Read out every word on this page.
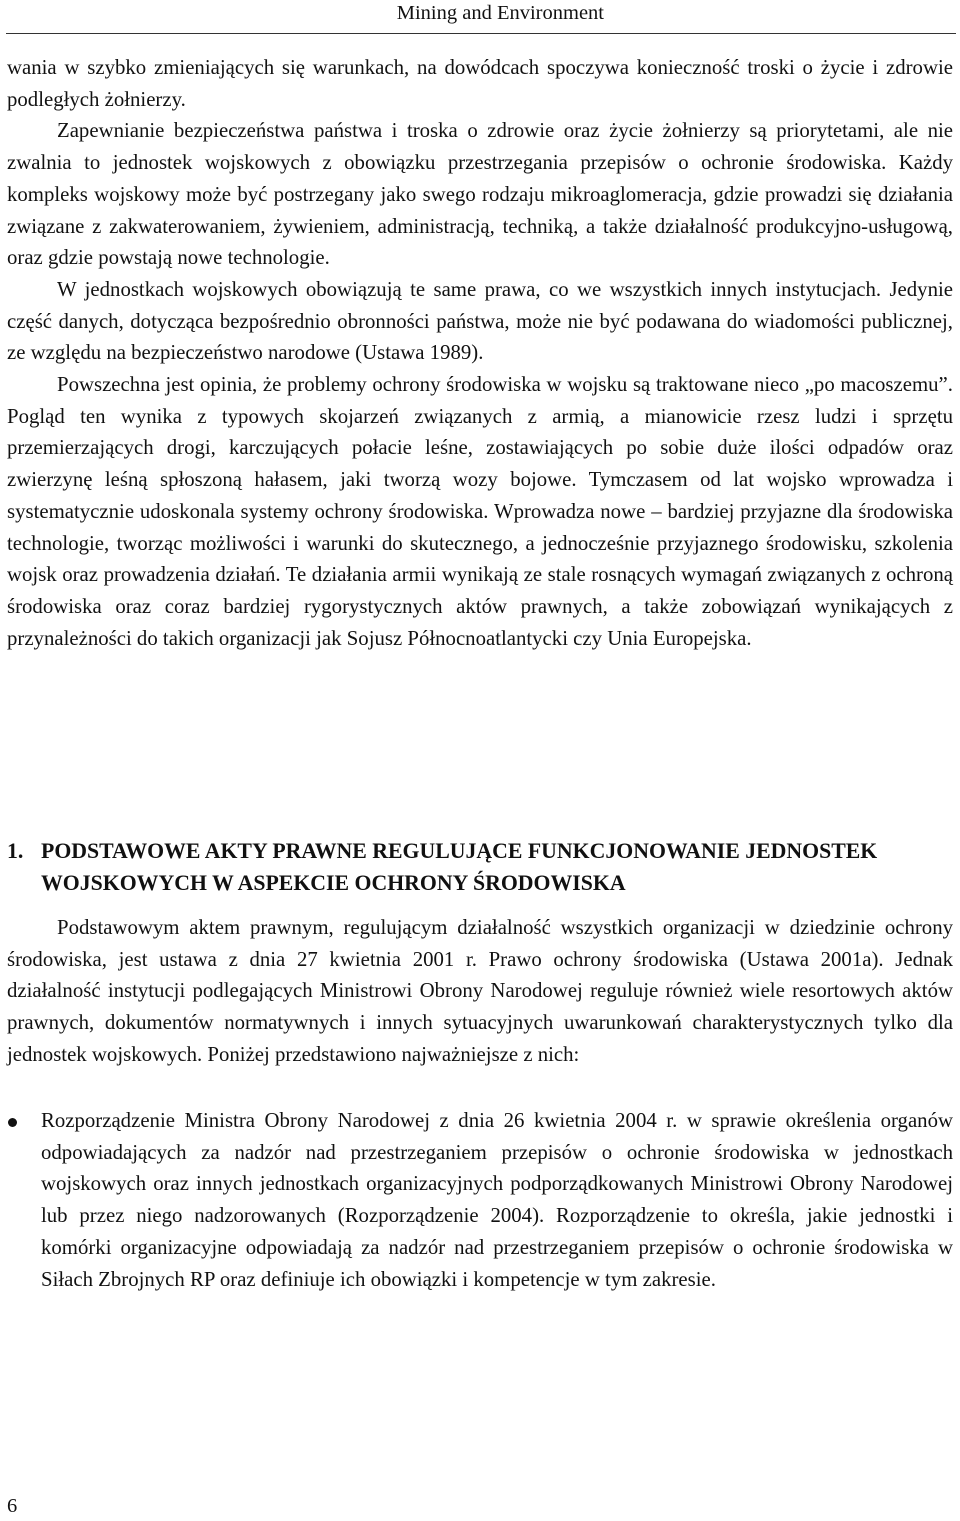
Mining and Environment

wania w szybko zmieniających się warunkach, na dowódcach spoczywa konieczność troski o życie i zdrowie podległych żołnierzy.

Zapewnianie bezpieczeństwa państwa i troska o zdrowie oraz życie żołnierzy są priorytetami, ale nie zwalnia to jednostek wojskowych z obowiązku przestrzegania przepisów o ochronie środowiska. Każdy kompleks wojskowy może być postrzegany jako swego rodzaju mikroaglomeracja, gdzie prowadzi się działania związane z zakwaterowaniem, żywieniem, administracją, techniką, a także działalność produkcyjno-usługową, oraz gdzie powstają nowe technologie.

W jednostkach wojskowych obowiązują te same prawa, co we wszystkich innych instytucjach. Jedynie część danych, dotycząca bezpośrednio obronności państwa, może nie być podawana do wiadomości publicznej, ze względu na bezpieczeństwo narodowe (Ustawa 1989).

Powszechna jest opinia, że problemy ochrony środowiska w wojsku są traktowane nieco „po macoszemu”. Pogląd ten wynika z typowych skojarzeń związanych z armią, a mianowicie rzesz ludzi i sprzętu przemierzających drogi, karczujących połacie leśne, zostawiających po sobie duże ilości odpadów oraz zwierzynę leśną spłoszoną hałasem, jaki tworzą wozy bojowe. Tymczasem od lat wojsko wprowadza i systematycznie udoskonala systemy ochrony środowiska. Wprowadza nowe – bardziej przyjazne dla środowiska technologie, tworząc możliwości i warunki do skutecznego, a jednocześnie przyjaznego środowisku, szkolenia wojsk oraz prowadzenia działań. Te działania armii wynikają ze stale rosnących wymagań związanych z ochroną środowiska oraz coraz bardziej rygorystycznych aktów prawnych, a także zobowiązań wynikających z przynależności do takich organizacji jak Sojusz Północnoatlantycki czy Unia Europejska.

1. PODSTAWOWE AKTY PRAWNE REGULUJĄCE FUNKCJONOWANIE JEDNOSTEK WOJSKOWYCH W ASPEKCIE OCHRONY ŚRODOWISKA

Podstawowym aktem prawnym, regulującym działalność wszystkich organizacji w dziedzinie ochrony środowiska, jest ustawa z dnia 27 kwietnia 2001 r. Prawo ochrony środowiska (Ustawa 2001a). Jednak działalność instytucji podlegających Ministrowi Obrony Narodowej reguluje również wiele resortowych aktów prawnych, dokumentów normatywnych i innych sytuacyjnych uwarunkowań charakterystycznych tylko dla jednostek wojskowych. Poniżej przedstawiono najważniejsze z nich:

Rozporządzenie Ministra Obrony Narodowej z dnia 26 kwietnia 2004 r. w sprawie określenia organów odpowiadających za nadzór nad przestrzeganiem przepisów o ochronie środowiska w jednostkach wojskowych oraz innych jednostkach organizacyjnych podporządkowanych Ministrowi Obrony Narodowej lub przez niego nadzorowanych (Rozporządzenie 2004). Rozporządzenie to określa, jakie jednostki i komórki organizacyjne odpowiadają za nadzór nad przestrzeganiem przepisów o ochronie środowiska w Siłach Zbrojnych RP oraz definiuje ich obowiązki i kompetencje w tym zakresie.
6
